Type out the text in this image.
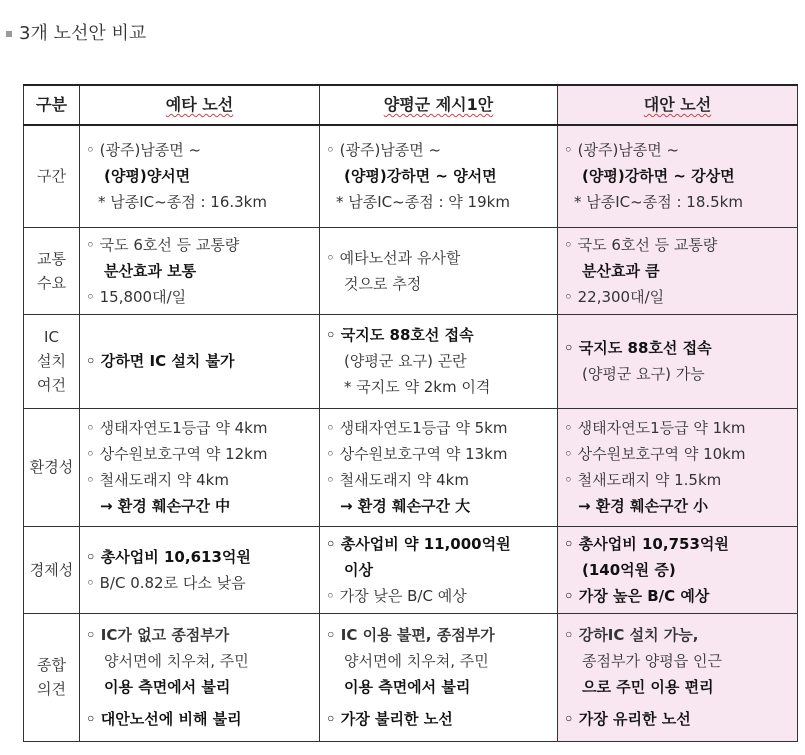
3개 노선안 비교
구분	예타 노선	양평군 제시1안	대안 노선

구간	◦ (광주)남종면 ~
(양평)양서면
* 남종IC~종점 : 16.3km	◦ (광주)남종면 ~
(양평)강하면 ~ 양서면
* 남종IC~종점 : 약 19km	◦ (광주)남종면 ~
(양평)강하면 ~ 강상면
* 남종IC~종점 : 18.5km

교통
수요	◦ 국도 6호선 등 교통량
분산효과 보통
◦ 15,800대/일	◦ 예타노선과 유사할
것으로 추정	◦ 국도 6호선 등 교통량
분산효과 큼
◦ 22,300대/일

IC
설치
여건	◦ 강하면 IC 설치 불가	◦ 국지도 88호선 접속
(양평군 요구) 곤란
* 국지도 약 2km 이격	◦ 국지도 88호선 접속
(양평군 요구) 가능

환경성	◦ 생태자연도1등급 약 4km
◦ 상수원보호구역 약 12km
◦ 철새도래지 약 4km
→ 환경 훼손구간 中	◦ 생태자연도1등급 약 5km
◦ 상수원보호구역 약 13km
◦ 철새도래지 약 4km
→ 환경 훼손구간 大	◦ 생태자연도1등급 약 1km
◦ 상수원보호구역 약 10km
◦ 철새도래지 약 1.5km
→ 환경 훼손구간 小

경제성	◦ 총사업비 10,613억원
◦ B/C 0.82로 다소 낮음	◦ 총사업비 약 11,000억원
이상
◦ 가장 낮은 B/C 예상	◦ 총사업비 10,753억원
(140억원 증)
◦ 가장 높은 B/C 예상

종합
의견	◦ IC가 없고 종점부가
양서면에 치우쳐, 주민
이용 측면에서 불리
◦ 대안노선에 비해 불리	◦ IC 이용 불편, 종점부가
양서면에 치우쳐, 주민
이용 측면에서 불리
◦ 가장 불리한 노선	◦ 강하IC 설치 가능,
종점부가 양평읍 인근
으로 주민 이용 편리
◦ 가장 유리한 노선
